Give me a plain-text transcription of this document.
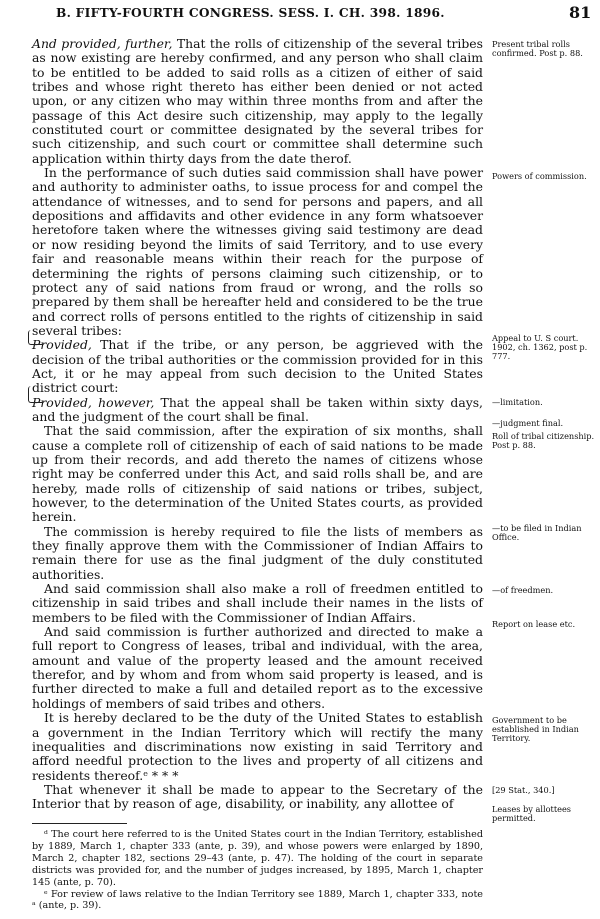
B. FIFTY-FOURTH CONGRESS. SESS. I. CH. 398. 1896.	81

And provided, further, That the rolls of citizenship of the several tribes as now existing are hereby confirmed, and any person who shall claim to be entitled to be added to said rolls as a citizen of either of said tribes and whose right thereto has either been denied or not acted upon, or any citizen who may within three months from and after the passage of this Act desire such citizenship, may apply to the legally constituted court or committee designated by the several tribes for such citizenship, and such court or committee shall determine such application within thirty days from the date therof.

In the performance of such duties said commission shall have power and authority to administer oaths, to issue process for and compel the attendance of witnesses, and to send for persons and papers, and all depositions and affidavits and other evidence in any form whatsoever heretofore taken where the witnesses giving said testimony are dead or now residing beyond the limits of said Territory, and to use every fair and reasonable means within their reach for the purpose of determining the rights of persons claiming such citizenship, or to protect any of said nations from fraud or wrong, and the rolls so prepared by them shall be hereafter held and considered to be the true and correct rolls of persons entitled to the rights of citizenship in said several tribes:

Provided, That if the tribe, or any person, be aggrieved with the decision of the tribal authorities or the commission provided for in this Act, it or he may appeal from such decision to the United States district court:

Provided, however, That the appeal shall be taken within sixty days, and the judgment of the court shall be final.

That the said commission, after the expiration of six months, shall cause a complete roll of citizenship of each of said nations to be made up from their records, and add thereto the names of citizens whose right may be conferred under this Act, and said rolls shall be, and are hereby, made rolls of citizenship of said nations or tribes, subject, however, to the determination of the United States courts, as provided herein.

The commission is hereby required to file the lists of members as they finally approve them with the Commissioner of Indian Affairs to remain there for use as the final judgment of the duly constituted authorities.

And said commission shall also make a roll of freedmen entitled to citizenship in said tribes and shall include their names in the lists of members to be filed with the Commissioner of Indian Affairs.

And said commission is further authorized and directed to make a full report to Congress of leases, tribal and individual, with the area, amount and value of the property leased and the amount received therefor, and by whom and from whom said property is leased, and is further directed to make a full and detailed report as to the excessive holdings of members of said tribes and others.

It is hereby declared to be the duty of the United States to establish a government in the Indian Territory which will rectify the many inequalities and discriminations now existing in said Territory and afford needful protection to the lives and property of all citizens and residents thereof.ᵉ * * *

That whenever it shall be made to appear to the Secretary of the Interior that by reason of age, disability, or inability, any allottee of

Present tribal rolls confirmed. Post p. 88.
Powers of commission.
Appeal to U. S court. 1902, ch. 1362, post p. 777.
—limitation.
—judgment final.
Roll of tribal citizenship. Post p. 88.
—to be filed in Indian Office.
—of freedmen.
Report on lease etc.
Government to be established in Indian Territory.
[29 Stat., 340.]
Leases by allottees permitted.

ᵈ The court here referred to is the United States court in the Indian Territory, established by 1889, March 1, chapter 333 (ante, p. 39), and whose powers were enlarged by 1890, March 2, chapter 182, sections 29–43 (ante, p. 47). The holding of the court in separate districts was provided for, and the number of judges increased, by 1895, March 1, chapter 145 (ante, p. 70).

ᵉ For review of laws relative to the Indian Territory see 1889, March 1, chapter 333, note ᵃ (ante, p. 39).
